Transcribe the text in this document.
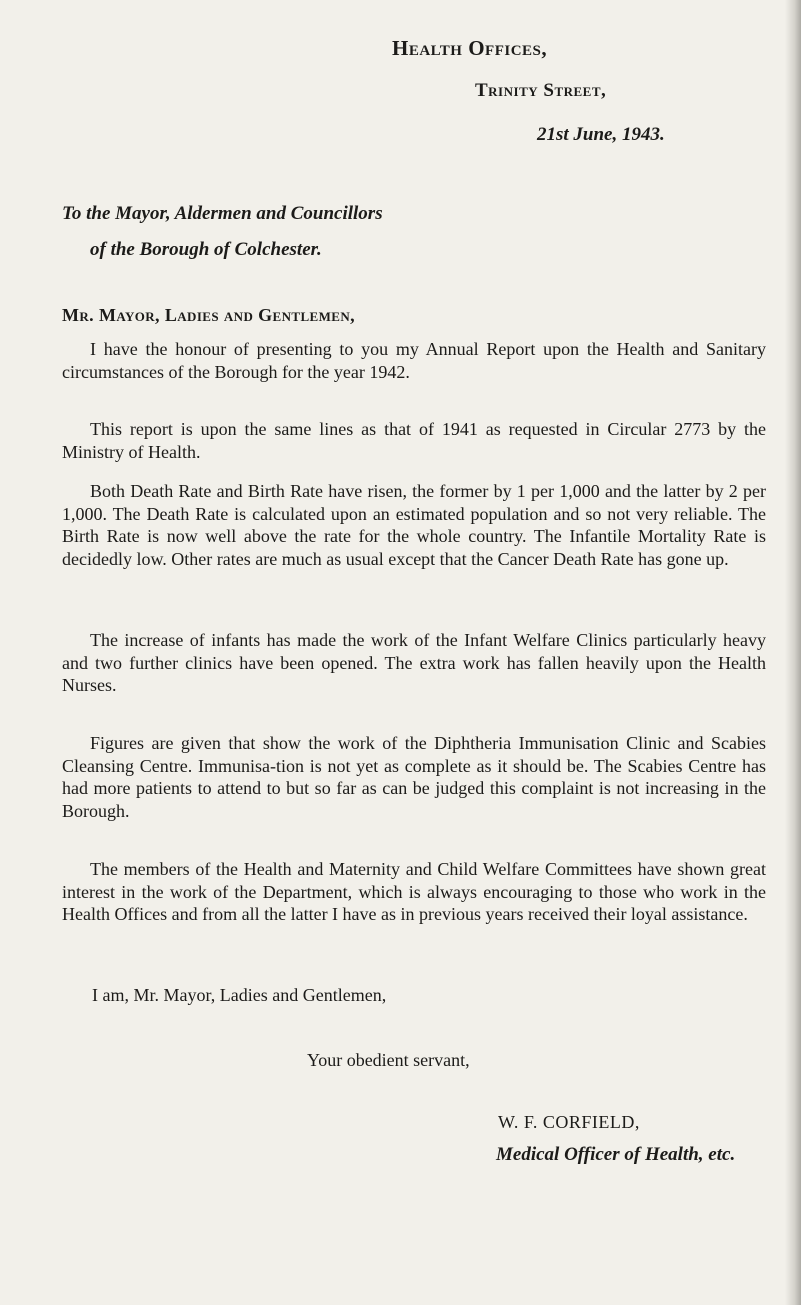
Health Offices,
Trinity Street,
21st June, 1943.
To the Mayor, Aldermen and Councillors
of the Borough of Colchester.
Mr. Mayor, Ladies and Gentlemen,

I have the honour of presenting to you my Annual Report upon the Health and Sanitary circumstances of the Borough for the year 1942.

This report is upon the same lines as that of 1941 as requested in Circular 2773 by the Ministry of Health.

Both Death Rate and Birth Rate have risen, the former by 1 per 1,000 and the latter by 2 per 1,000. The Death Rate is calculated upon an estimated population and so not very reliable. The Birth Rate is now well above the rate for the whole country. The Infantile Mortality Rate is decidedly low. Other rates are much as usual except that the Cancer Death Rate has gone up.

The increase of infants has made the work of the Infant Welfare Clinics particularly heavy and two further clinics have been opened. The extra work has fallen heavily upon the Health Nurses.

Figures are given that show the work of the Diphtheria Immunisation Clinic and Scabies Cleansing Centre. Immunisa-tion is not yet as complete as it should be. The Scabies Centre has had more patients to attend to but so far as can be judged this complaint is not increasing in the Borough.

The members of the Health and Maternity and Child Welfare Committees have shown great interest in the work of the Department, which is always encouraging to those who work in the Health Offices and from all the latter I have as in previous years received their loyal assistance.

I am, Mr. Mayor, Ladies and Gentlemen,
Your obedient servant,
W. F. CORFIELD,
Medical Officer of Health, etc.
